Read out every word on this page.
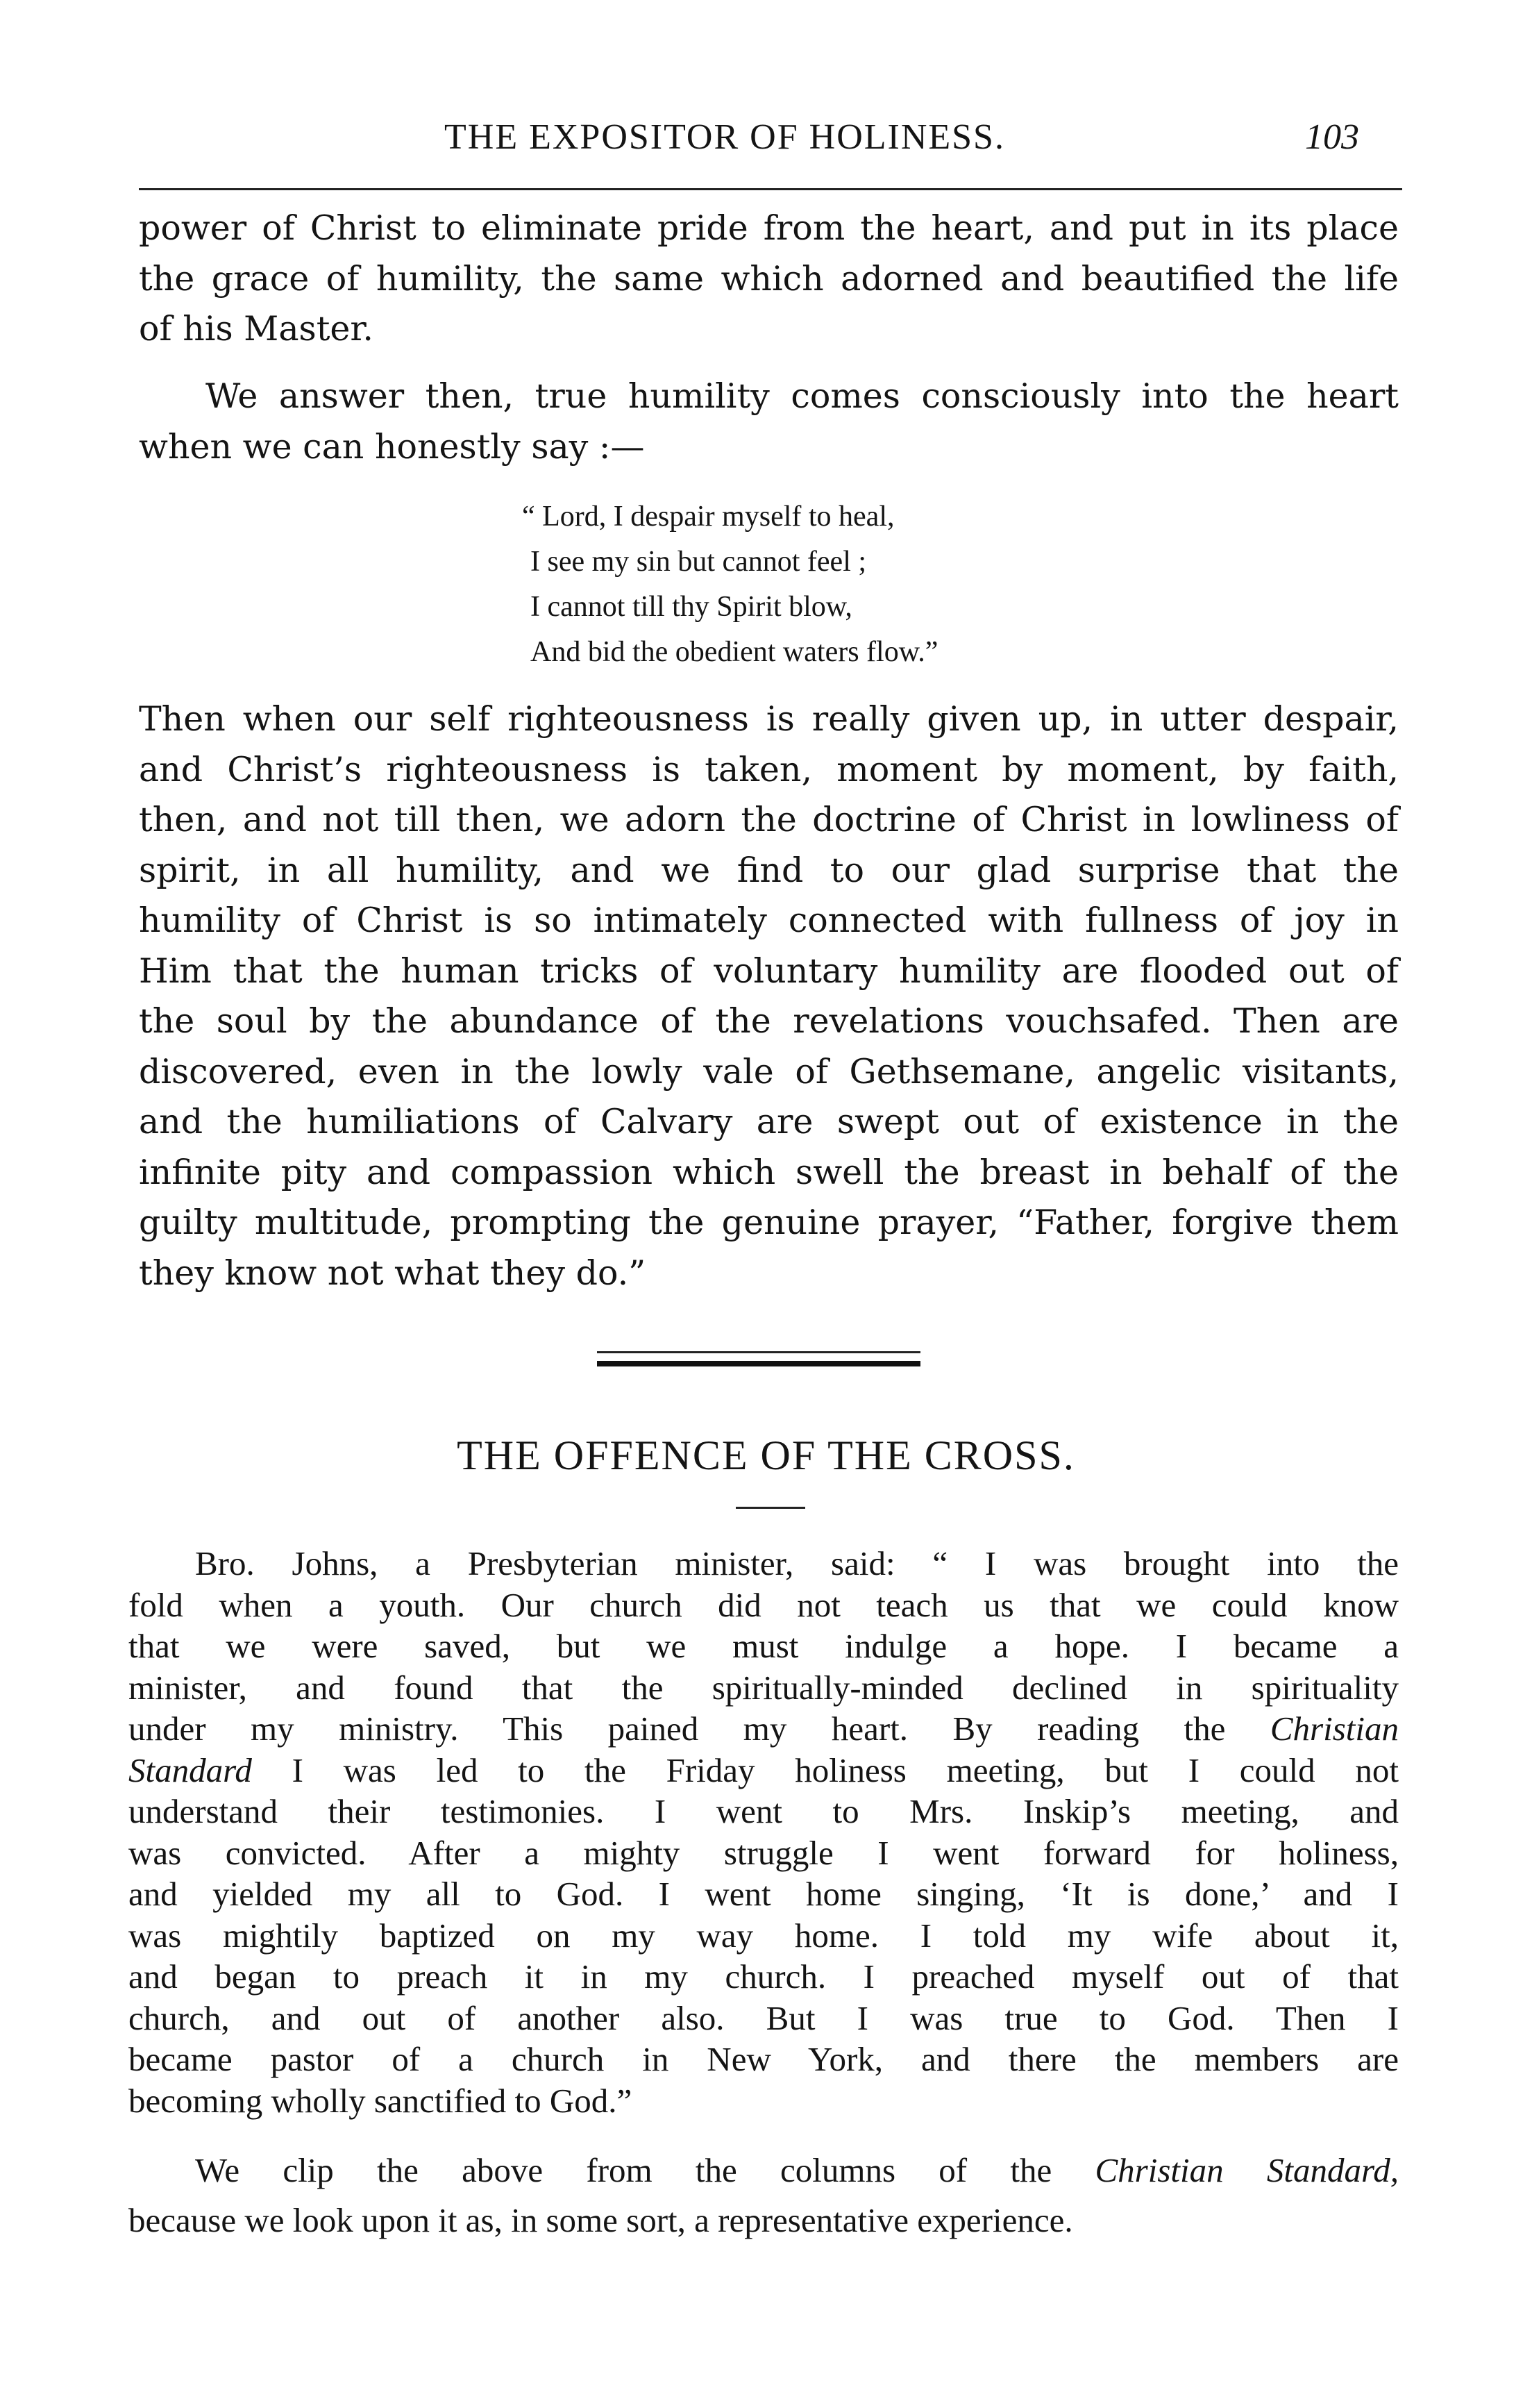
THE EXPOSITOR OF HOLINESS.	103

power of Christ to eliminate pride from the heart, and put in its place
the grace of humility, the same which adorned and beautified the life
of his Master.

We answer then, true humility comes consciously into the heart
when we can honestly say :—

“ Lord, I despair myself to heal,
I see my sin but cannot feel ;
I cannot till thy Spirit blow,
And bid the obedient waters flow.”

Then when our self righteousness is really given up, in utter despair,
and Christ’s righteousness is taken, moment by moment, by faith,
then, and not till then, we adorn the doctrine of Christ in lowliness of
spirit, in all humility, and we find to our glad surprise that the
humility of Christ is so intimately connected with fullness of joy in
Him that the human tricks of voluntary humility are flooded out of
the soul by the abundance of the revelations vouchsafed. Then are
discovered, even in the lowly vale of Gethsemane, angelic visitants,
and the humiliations of Calvary are swept out of existence in the
infinite pity and compassion which swell the breast in behalf of the
guilty multitude, prompting the genuine prayer, “Father, forgive them
they know not what they do.”

THE OFFENCE OF THE CROSS.

Bro. Johns, a Presbyterian minister, said: “ I was brought into the
fold when a youth. Our church did not teach us that we could know
that we were saved, but we must indulge a hope. I became a
minister, and found that the spiritually-minded declined in spirituality
under my ministry. This pained my heart. By reading the Christian
Standard I was led to the Friday holiness meeting, but I could not
understand their testimonies. I went to Mrs. Inskip’s meeting, and
was convicted. After a mighty struggle I went forward for holiness,
and yielded my all to God. I went home singing, ‘It is done,’ and I
was mightily baptized on my way home. I told my wife about it,
and began to preach it in my church. I preached myself out of that
church, and out of another also. But I was true to God. Then I
became pastor of a church in New York, and there the members are
becoming wholly sanctified to God.”

We clip the above from the columns of the Christian Standard,
because we look upon it as, in some sort, a representative experience.
